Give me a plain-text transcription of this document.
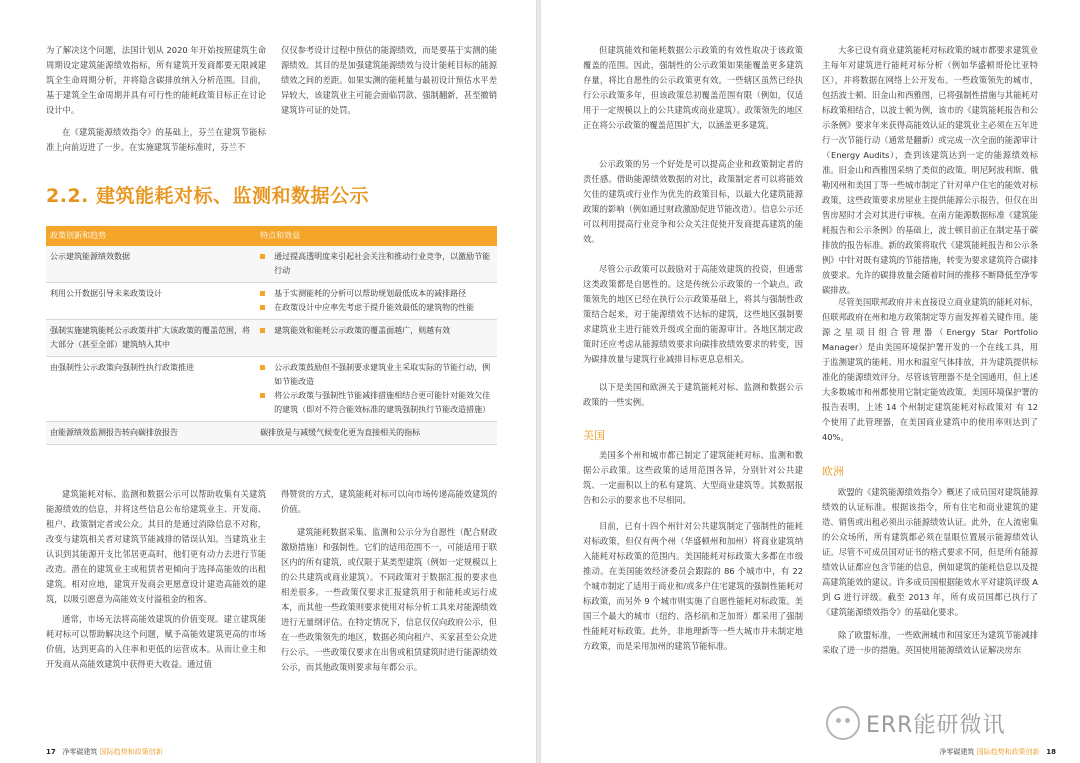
为了解决这个问题，法国计划从 2020 年开始按照建筑生命周期设定建筑能源绩效指标，所有建筑开发商都要无限减建筑全生命周期分析，并将隐含碳排放纳入分析范围。目前，基于建筑全生命周期并具有可行性的能耗政策目标正在讨论设计中。
在《建筑能源绩效指令》的基础上，芬兰在建筑节能标准上向前迈进了一步。在实施建筑节能标准时，芬兰不
仅仅参考设计过程中预估的能源绩效，而是要基于实测的能源绩效。其目的是加强建筑能源绩效与设计能耗目标的能源绩效之间的差距。如果实测的能耗量与最初设计预估水平差异较大，该建筑业主可能会面临罚款、强制翻新，甚至撤销建筑许可证的处罚。
2.2. 建筑能耗对标、监测和数据公示
政策创新和趋势	特点和效益
公示建筑能源绩效数据	通过提高透明度来引起社会关注和推动行业竞争，以激励节能行动

利用公开数据引导未来政策设计	基于实测能耗的分析可以帮助规划最低成本的减排路径
在政策设计中应率先考虑于提升能效最低的建筑物的性能

强制实施建筑能耗公示政策并扩大该政策的覆盖范围，将大部分（甚至全部）建筑纳入其中	建筑能效和能耗公示政策的覆盖面越广，则越有效

由强制性公示政策向强制性执行政策推进	公示政策鼓励但不强制要求建筑业主采取实际的节能行动，例如节能改造
将公示政策与强制性节能减排措施相结合更可能针对能效欠佳的建筑（即对不符合能效标准的建筑强制执行节能改造措施）

由能源绩效监测报告转向碳排放报告	碳排放是与减缓气候变化更为直接相关的指标
建筑能耗对标、监测和数据公示可以帮助收集有关建筑能源绩效的信息，并将这些信息公布给建筑业主、开发商、租户、政策制定者或公众。其目的是通过消除信息不对称，改变与建筑相关者对建筑节能减排的错误认知。当建筑业主认识到其能源开支比邻居更高时，他们更有动力去进行节能改造。潜在的建筑业主或租赁者更倾向于选择高能效的出租建筑。相对应地，建筑开发商会更愿意设计建造高能效的建筑，以吸引愿意为高能效支付溢租金的租客。
通常，市场无法将高能效建筑的价值变现。建立建筑能耗对标可以帮助解决这个问题，赋予高能效建筑更高的市场价值，达到更高的入住率和更低的运营成本。从而让业主和开发商从高能效建筑中获得更大收益。通过值
得赞赏的方式，建筑能耗对标可以向市场传递高能效建筑的价值。
建筑能耗数据采集、监测和公示分为自愿性（配合财政激励措施）和强制性。它们的适用范围不一，可能适用于联区内的所有建筑，或仅限于某类型建筑（例如一定规模以上的公共建筑或商业建筑）。不同政策对于数据汇报的要求也相差很多。一些政策仅要求汇报建筑用于和能耗或运行成本，而其他一些政策则要求使用对标分析工具来对能源绩效进行无量纲评估。在特定情况下，信息仅仅向政府公示，但在一些政策领先的地区，数据必须向租户、买家甚至公众进行公示。一些政策仅要求在出售或租赁建筑时进行能源绩效公示，而其他政策则要求每年都公示。
17 净零碳建筑 国际趋势和政策创新
但建筑能效和能耗数据公示政策的有效性取决于该政策覆盖的范围。因此，强制性的公示政策如果能覆盖更多建筑存量，将比自愿性的公示政策更有效。一些辖区虽然已经执行公示政策多年，但该政策总初覆盖范围有限（例如，仅适用于一定规模以上的公共建筑或商业建筑）。政策领先的地区正在将公示政策的覆盖范围扩大，以涵盖更多建筑。
公示政策的另一个好处是可以提高企业和政策制定者的责任感。借助能源绩效数据的对比，政策制定者可以将能效欠佳的建筑或行业作为优先的政策目标，以最大化建筑能源政策的影响（例如通过财政激励促进节能改造）。信息公示还可以利用提高行业竞争和公众关注促使开发商提高建筑的能效。
尽管公示政策可以鼓励对于高能效建筑的投资，但通常这类政策都是自愿性的。这是传统公示政策的一个缺点。政策领先的地区已经在执行公示政策基础上，将其与强制性政策结合起来，对于能源绩效不达标的建筑，这些地区强制要求建筑业主进行能效升级或全面的能源审计。各地区制定政策时还应考虑从能源绩效要求向碳排放绩效要求的转变，因为碳排放量与建筑行业减排目标更息息相关。
以下是美国和欧洲关于建筑能耗对标、监测和数据公示政策的一些实例。
美国
美国多个州和城市都已制定了建筑能耗对标、监测和数据公示政策。这些政策的适用范围各异，分别针对公共建筑、一定面积以上的私有建筑、大型商业建筑等。其数据报告和公示的要求也不尽相同。
目前，已有十四个州针对公共建筑制定了强制性的能耗对标政策，但仅有两个州（华盛顿州和加州）将商业建筑纳入能耗对标政策的范围内。美国能耗对标政策大多都在市级推动。在美国能效经济委员会跟踪的 86 个城市中，有 22 个城市制定了适用于商业和/或多户住宅建筑的强制性能耗对标政策，而另外 9 个城市则实施了自愿性能耗对标政策。美国三个最大的城市（纽约、洛杉矶和芝加哥）都采用了强制性能耗对标政策。此外，非地理新等一些大城市并未制定地方政策，而是采用加州的建筑节能标准。
大多已设有商业建筑能耗对标政策的城市都要求建筑业主每年对建筑进行能耗对标分析（例如华盛顿哥伦比亚特区），并将数据在网络上公开发布。一些政策领先的城市，包括波士顿、旧金山和西雅图，已将强制性措施与其能耗对标政策相结合，以波士顿为例，该市的《建筑能耗报告和公示条例》要求年来获得高能效认证的建筑业主必须在五年进行一次节能行动（通常是翻新）或完成一次全面的能源审计（Energy Audits），查到该建筑达到一定的能源绩效标准。旧金山和西雅图采纳了类似的政策。明尼阿波利斯、俄勒冈州和美国丁等一些城市制定了针对单户住宅的能效对标政策，这些政策要求房屋业主提供能源公示报告，但仅在出售房屋时才会对其进行审核。在南方能源数据标准《建筑能耗报告和公示条例》的基础上，波士顿目前正在制定基于碳排放的报告标准。新的政策将取代《建筑能耗报告和公示条例》中针对既有建筑的节能措施，转变为要求建筑符合碳排放要求。允许的碳排放量会随着时间的推移不断降低至净零碳排放。
尽管美国联邦政府并未直接设立商业建筑的能耗对标，但联邦政府在州和地方政策制定等方面发挥着关键作用。能源之星项目组合管理器（Energy Star Portfolio Manager）是由美国环境保护署开发的一个在线工具，用于监测建筑的能耗、用水和温室气体排放，并为建筑提供标准化的能源绩效评分。尽管该管理器不是全国通用，但上述大多数城市和州都使用它制定能效政策。美国环境保护署的报告表明，上述 14 个州制定建筑能耗对标政策对 有 12 个使用了此管理器，在美国商业建筑中的使用率则达到了 40%。
欧洲
欧盟的《建筑能源绩效指令》概述了成员国对建筑能源绩效的认证标准。根据该指令，所有住宅和商业建筑的建造、销售或出租必须出示能源绩效认证。此外，在人流密集的公众场所，所有建筑都必须在显眼位置展示能源绩效认证。尽管不可成员国对证书的格式要求不同，但是所有能源绩效认证都应包含节能的信息，例如建筑的能耗信息以及提高建筑能效的建议。许多成员国根据能效水平对建筑评级 A 到 G 进行评级。截至 2013 年，所有成员国都已执行了《建筑能源绩效指令》的基础化要求。
除了欧盟标准，一些欧洲城市和国家还为建筑节能减排采取了进一步的措施。英国使用能源绩效认证解决房东
净零碳建筑 国际趋势和政策创新 18
ERR能研微讯
